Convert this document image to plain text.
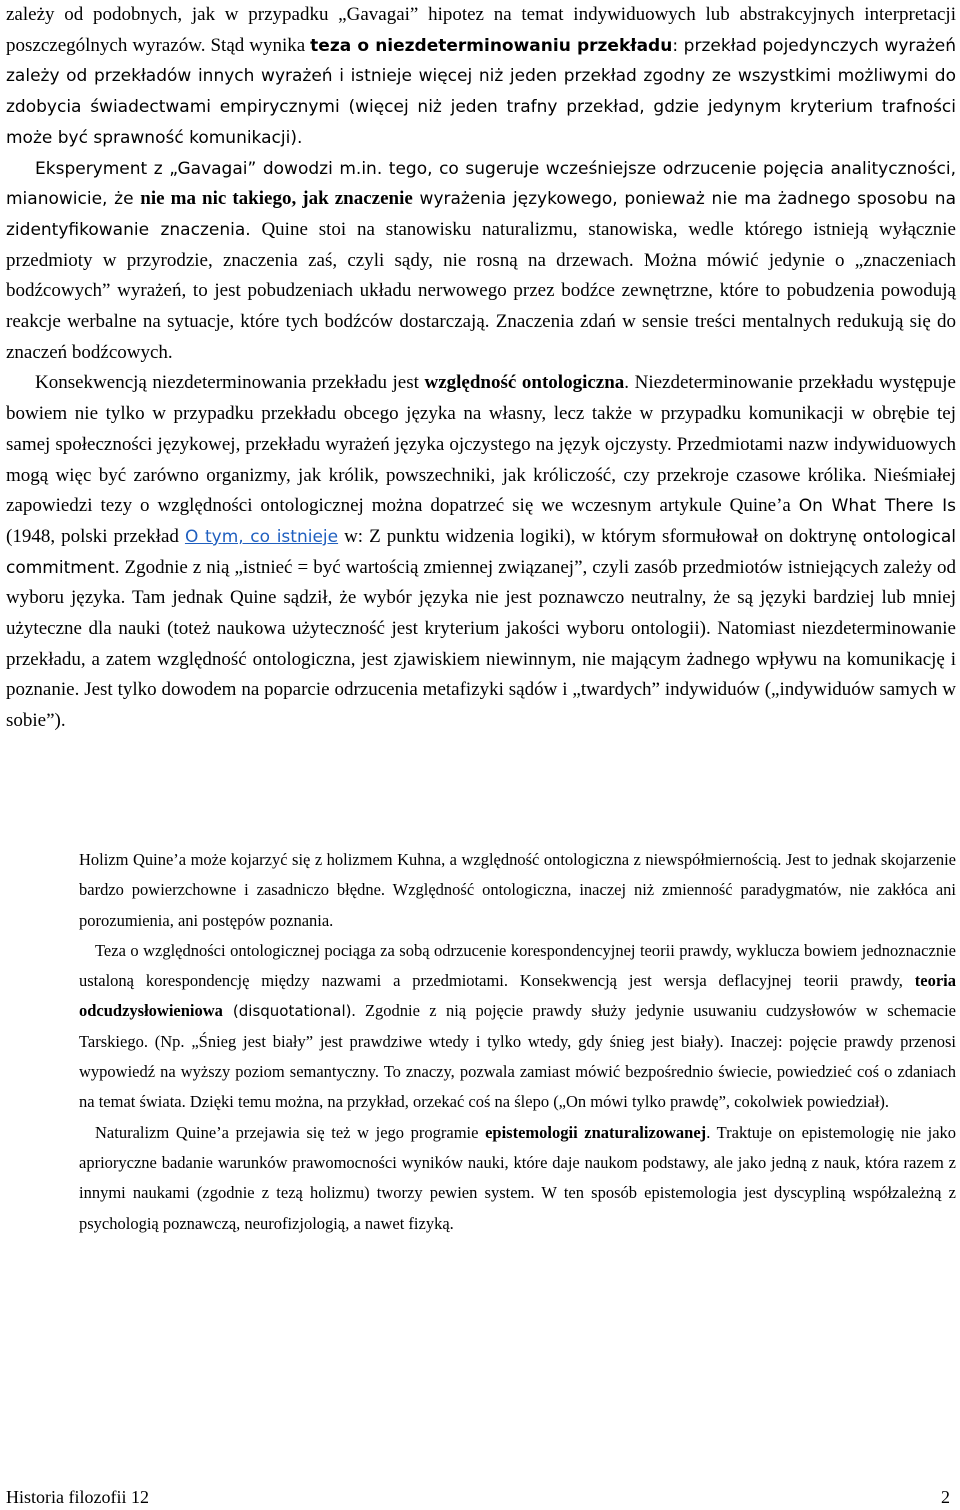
zależy od podobnych, jak w przypadku „Gavagai” hipotez na temat indywiduowych lub abstrakcyjnych interpretacji poszczególnych wyrazów. Stąd wynika teza o niezdeterminowaniu przekładu: przekład pojedynczych wyrażeń zależy od przekładów innych wyrażeń i istnieje więcej niż jeden przekład zgodny ze wszystkimi możliwymi do zdobycia świadectwami empirycznymi (więcej niż jeden trafny przekład, gdzie jedynym kryterium trafności może być sprawność komunikacji).

Eksperyment z „Gavagai” dowodzi m.in. tego, co sugeruje wcześniejsze odrzucenie pojęcia analityczności, mianowicie, że nie ma nic takiego, jak znaczenie wyrażenia językowego, ponieważ nie ma żadnego sposobu na zidentyfikowanie znaczenia. Quine stoi na stanowisku naturalizmu, stanowiska, wedle którego istnieją wyłącznie przedmioty w przyrodzie, znaczenia zaś, czyli sądy, nie rosną na drzewach. Można mówić jedynie o „znaczeniach bodźcowych” wyrażeń, to jest pobudzeniach układu nerwowego przez bodźce zewnętrzne, które to pobudzenia powodują reakcje werbalne na sytuacje, które tych bodźców dostarczają. Znaczenia zdań w sensie treści mentalnych redukują się do znaczeń bodźcowych.

Konsekwencją niezdeterminowania przekładu jest względność ontologiczna. Niezdeterminowanie przekładu występuje bowiem nie tylko w przypadku przekładu obcego języka na własny, lecz także w przypadku komunikacji w obrębie tej samej społeczności językowej, przekładu wyrażeń języka ojczystego na język ojczysty. Przedmiotami nazw indywiduowych mogą więc być zarówno organizmy, jak królik, powszechniki, jak króliczość, czy przekroje czasowe królika. Nieśmiałej zapowiedzi tezy o względności ontologicznej można dopatrzeć się we wczesnym artykule Quine’a On What There Is (1948, polski przekład O tym, co istnieje w: Z punktu widzenia logiki), w którym sformułował on doktrynę ontological commitment. Zgodnie z nią „istnieć = być wartością zmiennej związanej”, czyli zasób przedmiotów istniejących zależy od wyboru języka. Tam jednak Quine sądził, że wybór języka nie jest poznawczo neutralny, że są języki bardziej lub mniej użyteczne dla nauki (toteż naukowa użyteczność jest kryterium jakości wyboru ontologii). Natomiast niezdeterminowanie przekładu, a zatem względność ontologiczna, jest zjawiskiem niewinnym, nie mającym żadnego wpływu na komunikację i poznanie. Jest tylko dowodem na poparcie odrzucenia metafizyki sądów i „twardych” indywiduów („indywiduów samych w sobie”).

Holizm Quine’a może kojarzyć się z holizmem Kuhna, a względność ontologiczna z niewspółmiernością. Jest to jednak skojarzenie bardzo powierzchowne i zasadniczo błędne. Względność ontologiczna, inaczej niż zmienność paradygmatów, nie zakłóca ani porozumienia, ani postępów poznania.

Teza o względności ontologicznej pociąga za sobą odrzucenie korespondencyjnej teorii prawdy, wyklucza bowiem jednoznacznie ustaloną korespondencję między nazwami a przedmiotami. Konsekwencją jest wersja deflacyjnej teorii prawdy, teoria odcudzysłowieniowa (disquotational). Zgodnie z nią pojęcie prawdy służy jedynie usuwaniu cudzysłowów w schemacie Tarskiego. (Np. „Śnieg jest biały” jest prawdziwe wtedy i tylko wtedy, gdy śnieg jest biały). Inaczej: pojęcie prawdy przenosi wypowiedź na wyższy poziom semantyczny. To znaczy, pozwala zamiast mówić bezpośrednio świecie, powiedzieć coś o zdaniach na temat świata. Dzięki temu można, na przykład, orzekać coś na ślepo („On mówi tylko prawdę”, cokolwiek powiedział).

Naturalizm Quine’a przejawia się też w jego programie epistemologii znaturalizowanej. Traktuje on epistemologię nie jako aprioryczne badanie warunków prawomocności wyników nauki, które daje naukom podstawy, ale jako jedną z nauk, która razem z innymi naukami (zgodnie z tezą holizmu) tworzy pewien system. W ten sposób epistemologia jest dyscypliną współzależną z psychologią poznawczą, neurofizjologią, a nawet fizyką.

Historia filozofii 12	2
